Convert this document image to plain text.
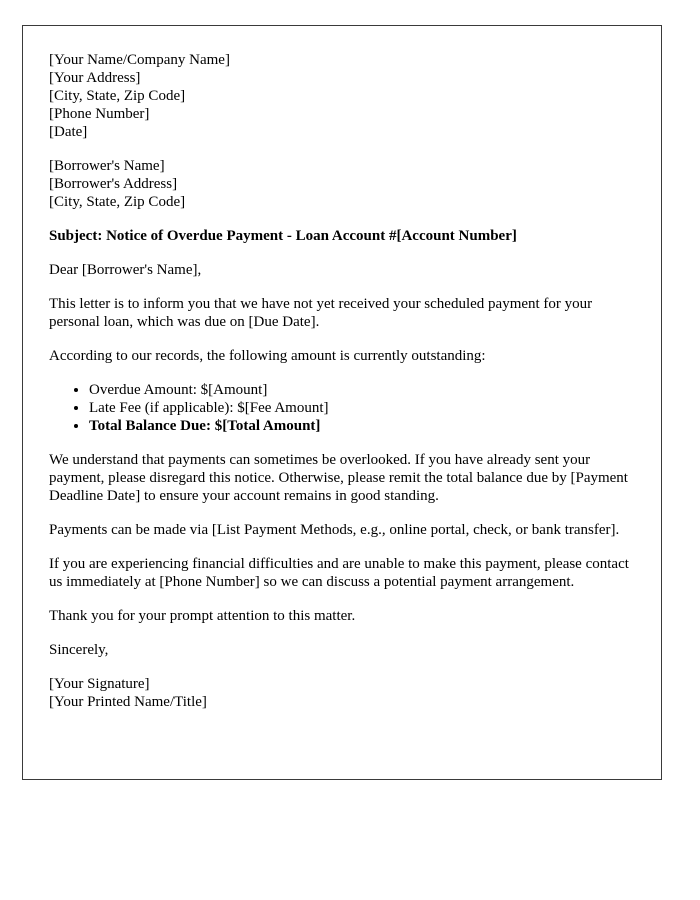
[Your Name/Company Name]
[Your Address]
[City, State, Zip Code]
[Phone Number]
[Date]
[Borrower's Name]
[Borrower's Address]
[City, State, Zip Code]

Subject: Notice of Overdue Payment - Loan Account #[Account Number]

Dear [Borrower's Name],

This letter is to inform you that we have not yet received your scheduled payment for your personal loan, which was due on [Due Date].

According to our records, the following amount is currently outstanding:

• Overdue Amount: $[Amount]
• Late Fee (if applicable): $[Fee Amount]
• Total Balance Due: $[Total Amount]

We understand that payments can sometimes be overlooked. If you have already sent your payment, please disregard this notice. Otherwise, please remit the total balance due by [Payment Deadline Date] to ensure your account remains in good standing.

Payments can be made via [List Payment Methods, e.g., online portal, check, or bank transfer].

If you are experiencing financial difficulties and are unable to make this payment, please contact us immediately at [Phone Number] so we can discuss a potential payment arrangement.

Thank you for your prompt attention to this matter.

Sincerely,

[Your Signature]
[Your Printed Name/Title]
